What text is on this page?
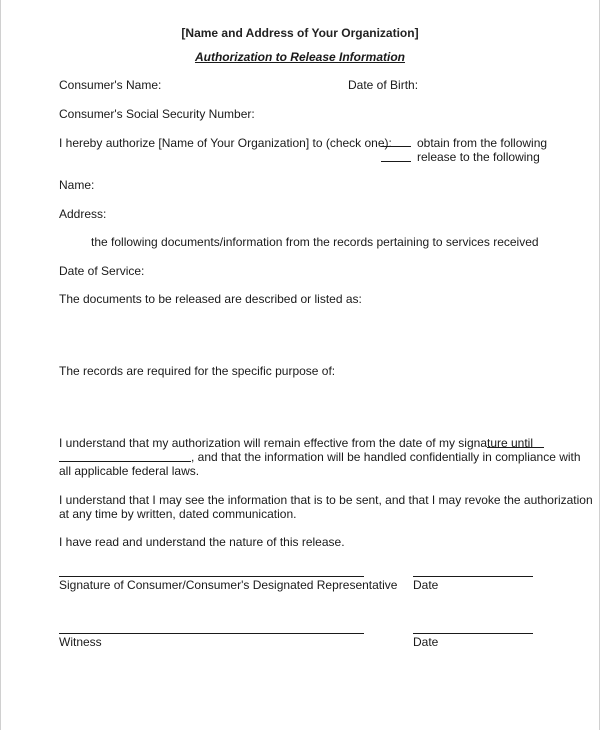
[Name and Address of Your Organization]
Authorization to Release Information
Consumer's Name:	Date of Birth:
Consumer's Social Security Number:
I hereby authorize [Name of Your Organization] to (check one): obtain from the following
release to the following
Name:
Address:
the following documents/information from the records pertaining to services received
Date of Service:
The documents to be released are described or listed as:
The records are required for the specific purpose of:
I understand that my authorization will remain effective from the date of my signature until
, and that the information will be handled confidentially in compliance with
all applicable federal laws.
I understand that I may see the information that is to be sent, and that I may revoke the authorization
at any time by written, dated communication.
I have read and understand the nature of this release.
Signature of Consumer/Consumer's Designated Representative Date
Witness	Date
